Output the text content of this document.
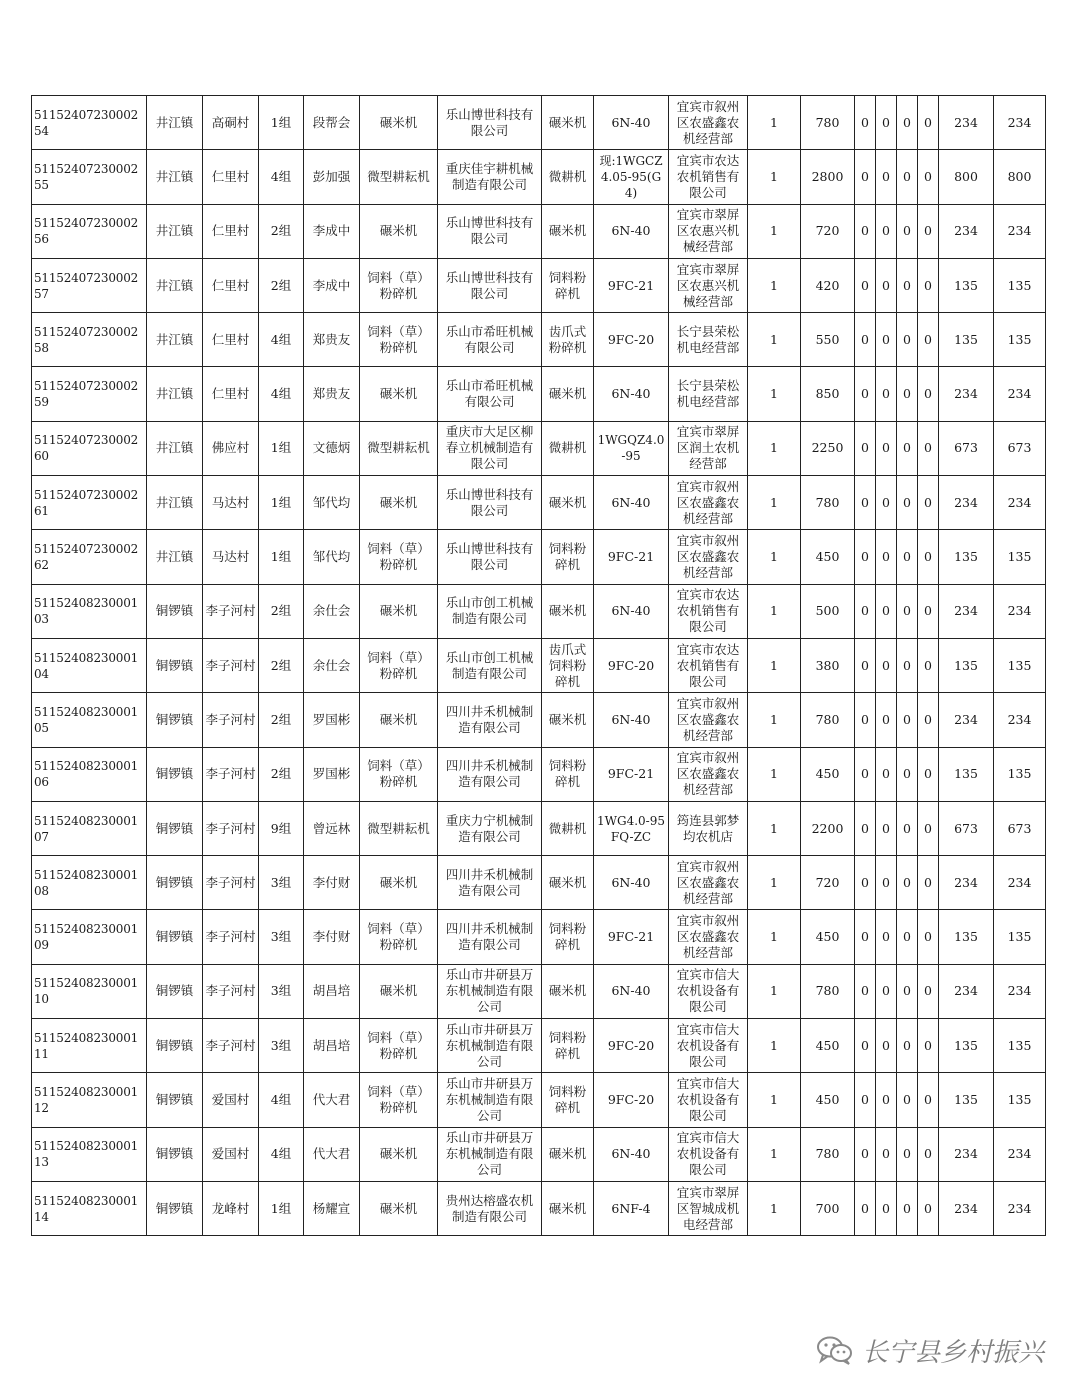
5115240723000254	井江镇	高硐村	1组	段帮会	碾米机	乐山博世科技有限公司	碾米机	6N-40	宜宾市叙州区农盛鑫农机经营部	1	780	0	0	0	0	234	234
5115240723000255	井江镇	仁里村	4组	彭加强	微型耕耘机	重庆佳宇耕机械制造有限公司	微耕机	现:1WGCZ4.05-95(G4)	宜宾市农达农机销售有限公司	1	2800	0	0	0	0	800	800
5115240723000256	井江镇	仁里村	2组	李成中	碾米机	乐山博世科技有限公司	碾米机	6N-40	宜宾市翠屏区农惠兴机械经营部	1	720	0	0	0	0	234	234
5115240723000257	井江镇	仁里村	2组	李成中	饲料（草）粉碎机	乐山博世科技有限公司	饲料粉碎机	9FC-21	宜宾市翠屏区农惠兴机械经营部	1	420	0	0	0	0	135	135
5115240723000258	井江镇	仁里村	4组	郑贵友	饲料（草）粉碎机	乐山市希旺机械有限公司	齿爪式粉碎机	9FC-20	长宁县荣松机电经营部	1	550	0	0	0	0	135	135
5115240723000259	井江镇	仁里村	4组	郑贵友	碾米机	乐山市希旺机械有限公司	碾米机	6N-40	长宁县荣松机电经营部	1	850	0	0	0	0	234	234
5115240723000260	井江镇	佛应村	1组	文德炳	微型耕耘机	重庆市大足区柳春立机械制造有限公司	微耕机	1WGQZ4.0-95	宜宾市翠屏区润土农机经营部	1	2250	0	0	0	0	673	673
5115240723000261	井江镇	马达村	1组	邹代均	碾米机	乐山博世科技有限公司	碾米机	6N-40	宜宾市叙州区农盛鑫农机经营部	1	780	0	0	0	0	234	234
5115240723000262	井江镇	马达村	1组	邹代均	饲料（草）粉碎机	乐山博世科技有限公司	饲料粉碎机	9FC-21	宜宾市叙州区农盛鑫农机经营部	1	450	0	0	0	0	135	135
5115240823000103	铜锣镇	李子河村	2组	余仕会	碾米机	乐山市创工机械制造有限公司	碾米机	6N-40	宜宾市农达农机销售有限公司	1	500	0	0	0	0	234	234
5115240823000104	铜锣镇	李子河村	2组	余仕会	饲料（草）粉碎机	乐山市创工机械制造有限公司	齿爪式饲料粉碎机	9FC-20	宜宾市农达农机销售有限公司	1	380	0	0	0	0	135	135
5115240823000105	铜锣镇	李子河村	2组	罗国彬	碾米机	四川井禾机械制造有限公司	碾米机	6N-40	宜宾市叙州区农盛鑫农机经营部	1	780	0	0	0	0	234	234
5115240823000106	铜锣镇	李子河村	2组	罗国彬	饲料（草）粉碎机	四川井禾机械制造有限公司	饲料粉碎机	9FC-21	宜宾市叙州区农盛鑫农机经营部	1	450	0	0	0	0	135	135
5115240823000107	铜锣镇	李子河村	9组	曾远林	微型耕耘机	重庆力宁机械制造有限公司	微耕机	1WG4.0-95FQ-ZC	筠连县郭梦均农机店	1	2200	0	0	0	0	673	673
5115240823000108	铜锣镇	李子河村	3组	李付财	碾米机	四川井禾机械制造有限公司	碾米机	6N-40	宜宾市叙州区农盛鑫农机经营部	1	720	0	0	0	0	234	234
5115240823000109	铜锣镇	李子河村	3组	李付财	饲料（草）粉碎机	四川井禾机械制造有限公司	饲料粉碎机	9FC-21	宜宾市叙州区农盛鑫农机经营部	1	450	0	0	0	0	135	135
5115240823000110	铜锣镇	李子河村	3组	胡昌培	碾米机	乐山市井研县万东机械制造有限公司	碾米机	6N-40	宜宾市信大农机设备有限公司	1	780	0	0	0	0	234	234
5115240823000111	铜锣镇	李子河村	3组	胡昌培	饲料（草）粉碎机	乐山市井研县万东机械制造有限公司	饲料粉碎机	9FC-20	宜宾市信大农机设备有限公司	1	450	0	0	0	0	135	135
5115240823000112	铜锣镇	爱国村	4组	代大君	饲料（草）粉碎机	乐山市井研县万东机械制造有限公司	饲料粉碎机	9FC-20	宜宾市信大农机设备有限公司	1	450	0	0	0	0	135	135
5115240823000113	铜锣镇	爱国村	4组	代大君	碾米机	乐山市井研县万东机械制造有限公司	碾米机	6N-40	宜宾市信大农机设备有限公司	1	780	0	0	0	0	234	234
5115240823000114	铜锣镇	龙峰村	1组	杨耀宣	碾米机	贵州达榕盛农机制造有限公司	碾米机	6NF-4	宜宾市翠屏区智城成机电经营部	1	700	0	0	0	0	234	234
长宁县乡村振兴
